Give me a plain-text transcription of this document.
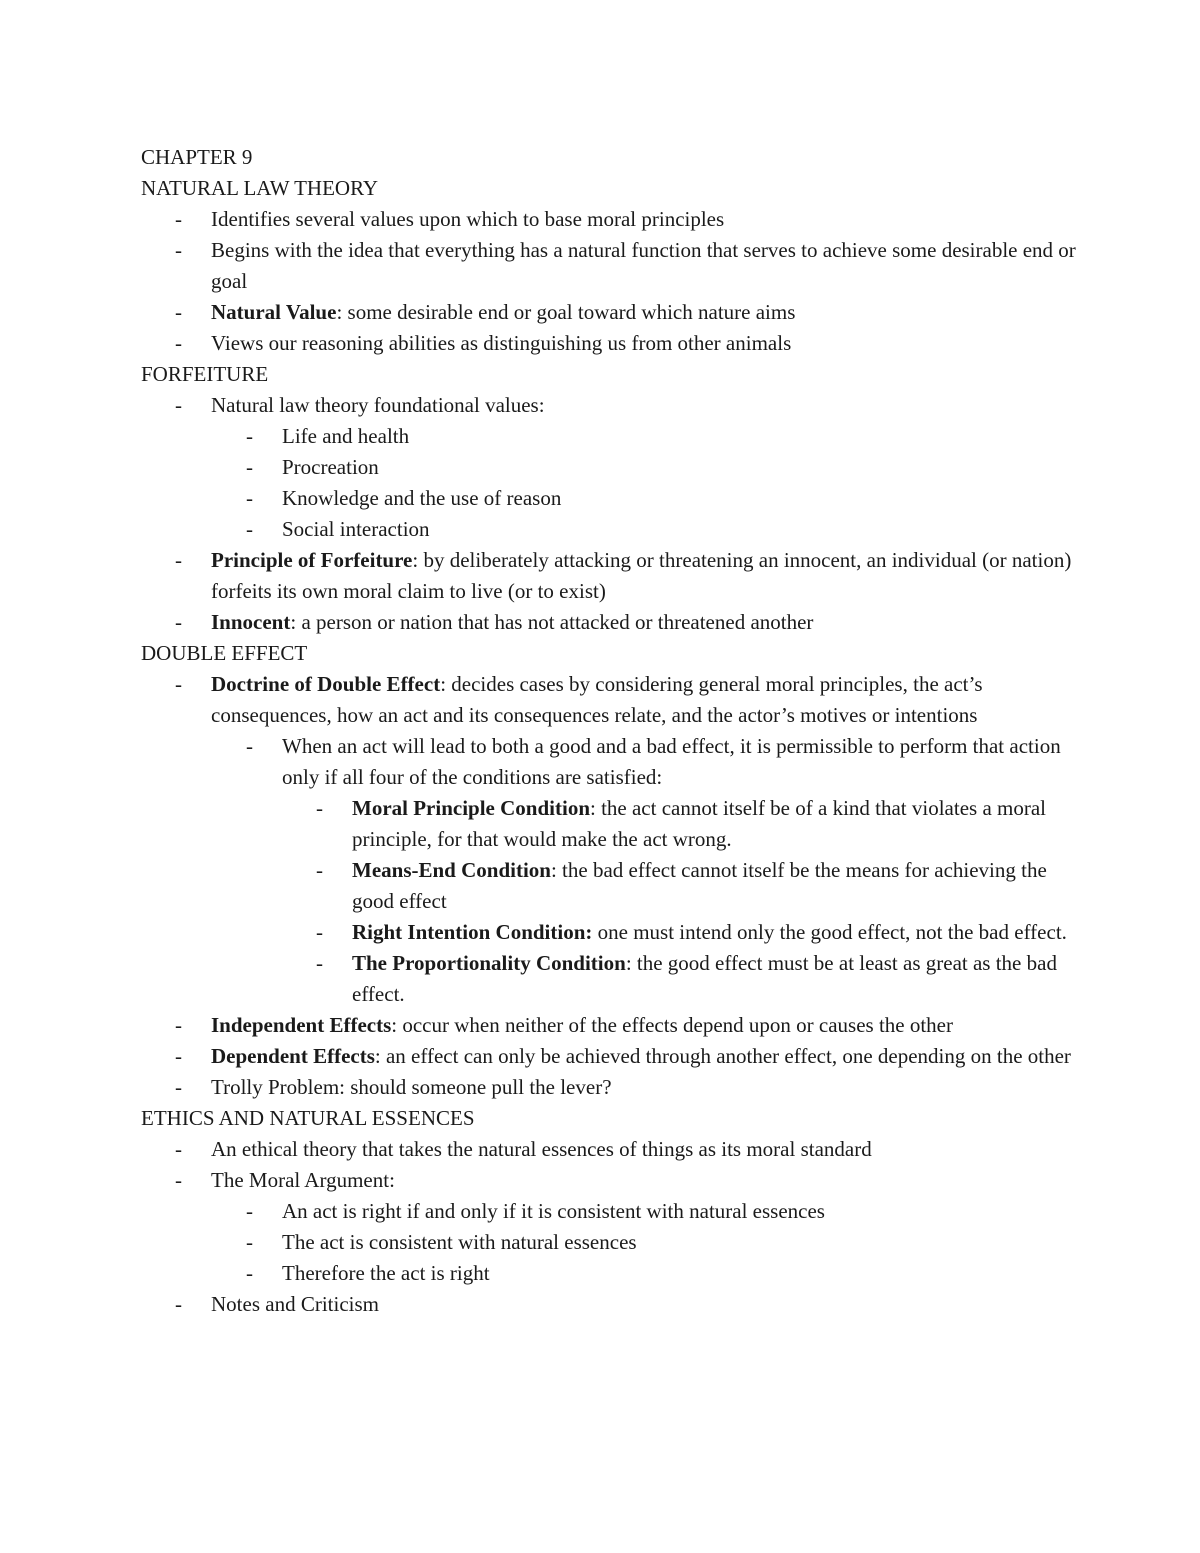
CHAPTER 9
NATURAL LAW THEORY
- Identifies several values upon which to base moral principles
- Begins with the idea that everything has a natural function that serves to achieve some desirable end or goal
- Natural Value: some desirable end or goal toward which nature aims
- Views our reasoning abilities as distinguishing us from other animals
FORFEITURE
- Natural law theory foundational values:
- Life and health
- Procreation
- Knowledge and the use of reason
- Social interaction
- Principle of Forfeiture: by deliberately attacking or threatening an innocent, an individual (or nation) forfeits its own moral claim to live (or to exist)
- Innocent: a person or nation that has not attacked or threatened another
DOUBLE EFFECT
- Doctrine of Double Effect: decides cases by considering general moral principles, the act’s consequences, how an act and its consequences relate, and the actor’s motives or intentions
- When an act will lead to both a good and a bad effect, it is permissible to perform that action only if all four of the conditions are satisfied:
- Moral Principle Condition: the act cannot itself be of a kind that violates a moral principle, for that would make the act wrong.
- Means-End Condition: the bad effect cannot itself be the means for achieving the good effect
- Right Intention Condition: one must intend only the good effect, not the bad effect.
- The Proportionality Condition: the good effect must be at least as great as the bad effect.
- Independent Effects: occur when neither of the effects depend upon or causes the other
- Dependent Effects: an effect can only be achieved through another effect, one depending on the other
- Trolly Problem: should someone pull the lever?
ETHICS AND NATURAL ESSENCES
- An ethical theory that takes the natural essences of things as its moral standard
- The Moral Argument:
- An act is right if and only if it is consistent with natural essences
- The act is consistent with natural essences
- Therefore the act is right
- Notes and Criticism
